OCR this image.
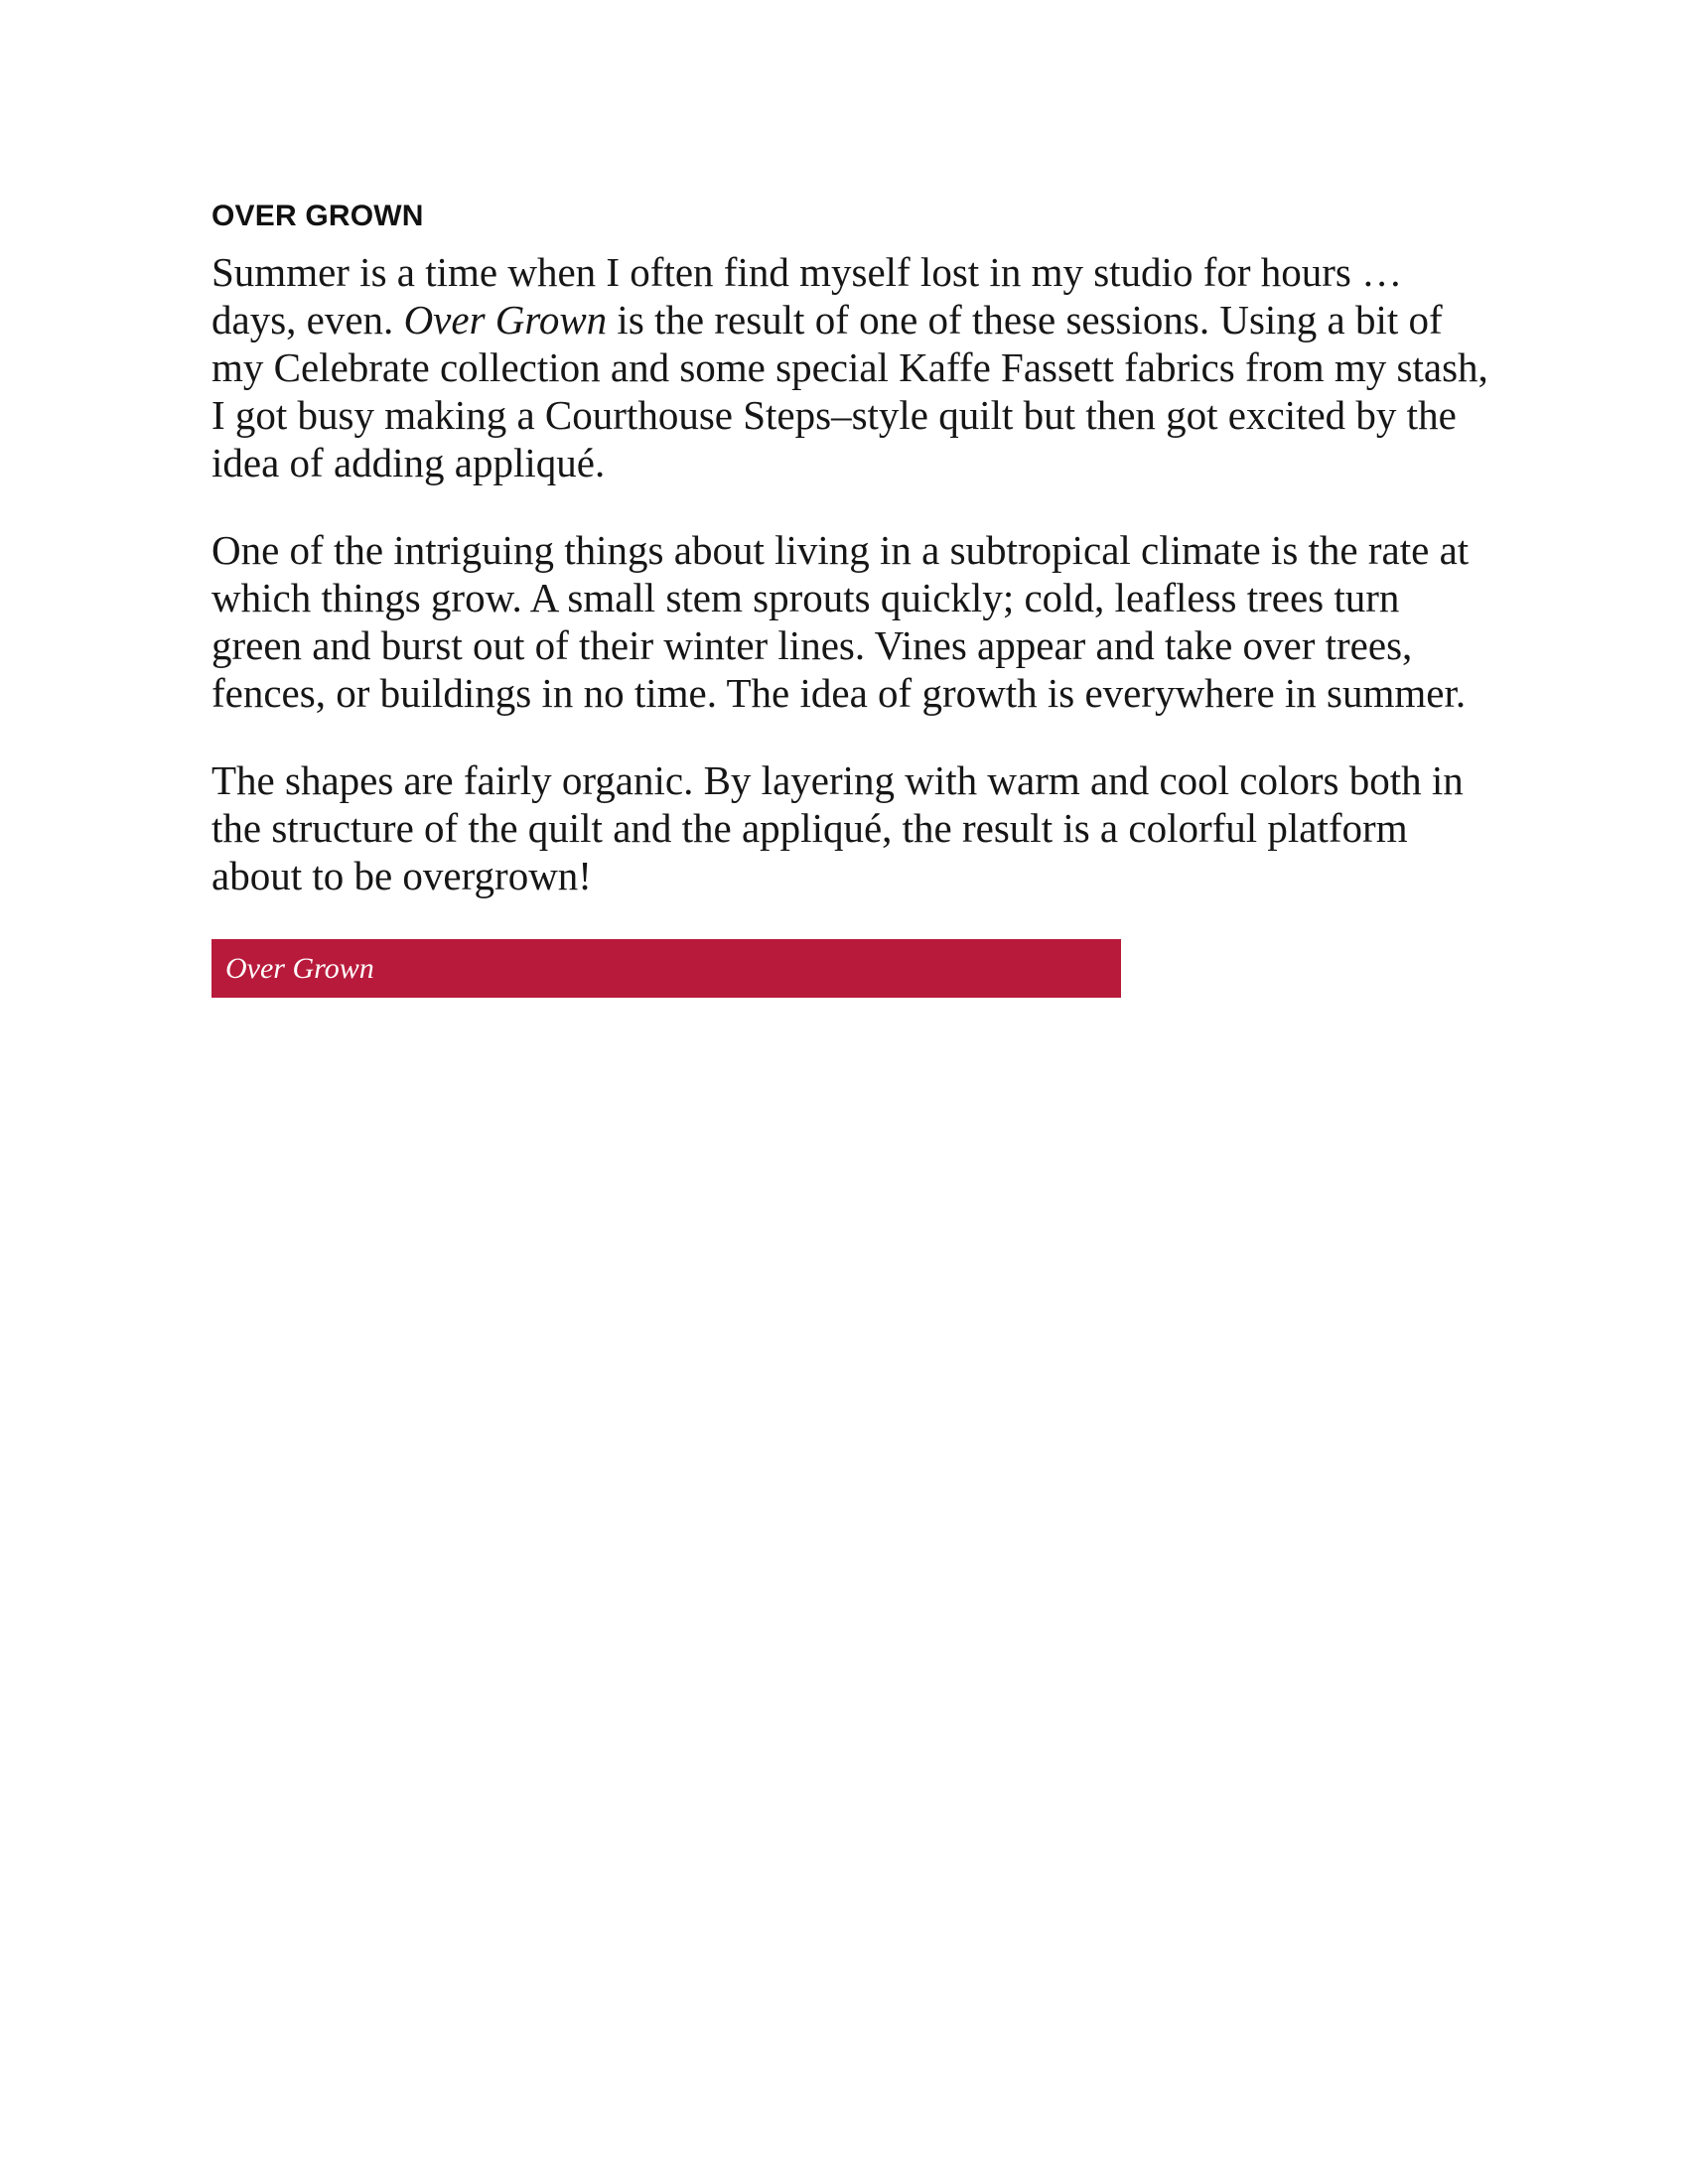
OVER GROWN

Summer is a time when I often find myself lost in my studio for hours … days, even. Over Grown is the result of one of these sessions. Using a bit of my Celebrate collection and some special Kaffe Fassett fabrics from my stash, I got busy making a Courthouse Steps–style quilt but then got excited by the idea of adding appliqué.

One of the intriguing things about living in a subtropical climate is the rate at which things grow. A small stem sprouts quickly; cold, leafless trees turn green and burst out of their winter lines. Vines appear and take over trees, fences, or buildings in no time. The idea of growth is everywhere in summer.

The shapes are fairly organic. By layering with warm and cool colors both in the structure of the quilt and the appliqué, the result is a colorful platform about to be overgrown!

Over Grown
